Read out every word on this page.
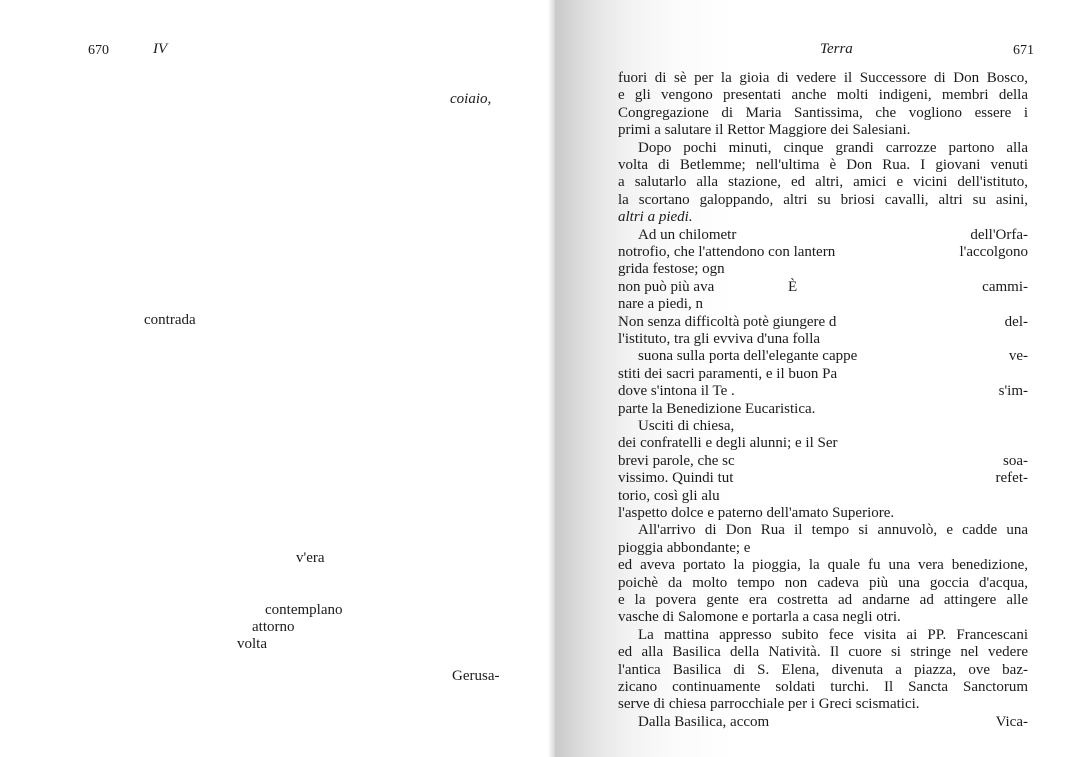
670	IV
coiaio,
contrada
v'era
contemplano
attorno
volta
Gerusa-
Terra	671
fuori di sè per la gioia di vedere il Successore di Don Bosco,
e gli vengono presentati anche molti indigeni, membri della
Congregazione di Maria Santissima, che vogliono essere i
primi a salutare il Rettor Maggiore dei Salesiani.
Dopo pochi minuti, cinque grandi carrozze partono alla
volta di Betlemme; nell'ultima è Don Rua. I giovani venuti
a salutarlo alla stazione, ed altri, amici e vicini dell'istituto,
la scortano galoppando, altri su briosi cavalli, altri su asini,
altri a piedi.
Ad un chilometr	dell'Orfa-
notrofio, che l'attendono con lantern	l'accolgono
grida festose; ogn
non può più ava	È	cammi-
nare a piedi, n
Non senza difficoltà potè giungere d	del-
l'istituto, tra gli evviva d'una folla
suona sulla porta dell'elegante cappe	ve-
stiti dei sacri paramenti, e il buon Pa
dove s'intona il Te .	s'im-
parte la Benedizione Eucaristica.
Usciti di chiesa,
dei confratelli e degli alunni; e il Ser
brevi parole, che sc	soa-
vissimo. Quindi tut	refet-
torio, così gli alu
l'aspetto dolce e paterno dell'amato Superiore.
All'arrivo di Don Rua il tempo si annuvolò, e cadde una
pioggia abbondante; e
ed aveva portato la pioggia, la quale fu una vera benedizione,
poichè da molto tempo non cadeva più una goccia d'acqua,
e la povera gente era costretta ad andarne ad attingere alle
vasche di Salomone e portarla a casa negli otri.
La mattina appresso subito fece visita ai PP. Francescani
ed alla Basilica della Natività. Il cuore si stringe nel vedere
l'antica Basilica di S. Elena, divenuta a piazza, ove baz-
zicano continuamente soldati turchi. Il Sancta Sanctorum
serve di chiesa parrocchiale per i Greci scismatici.
Dalla Basilica, accom	Vica-
